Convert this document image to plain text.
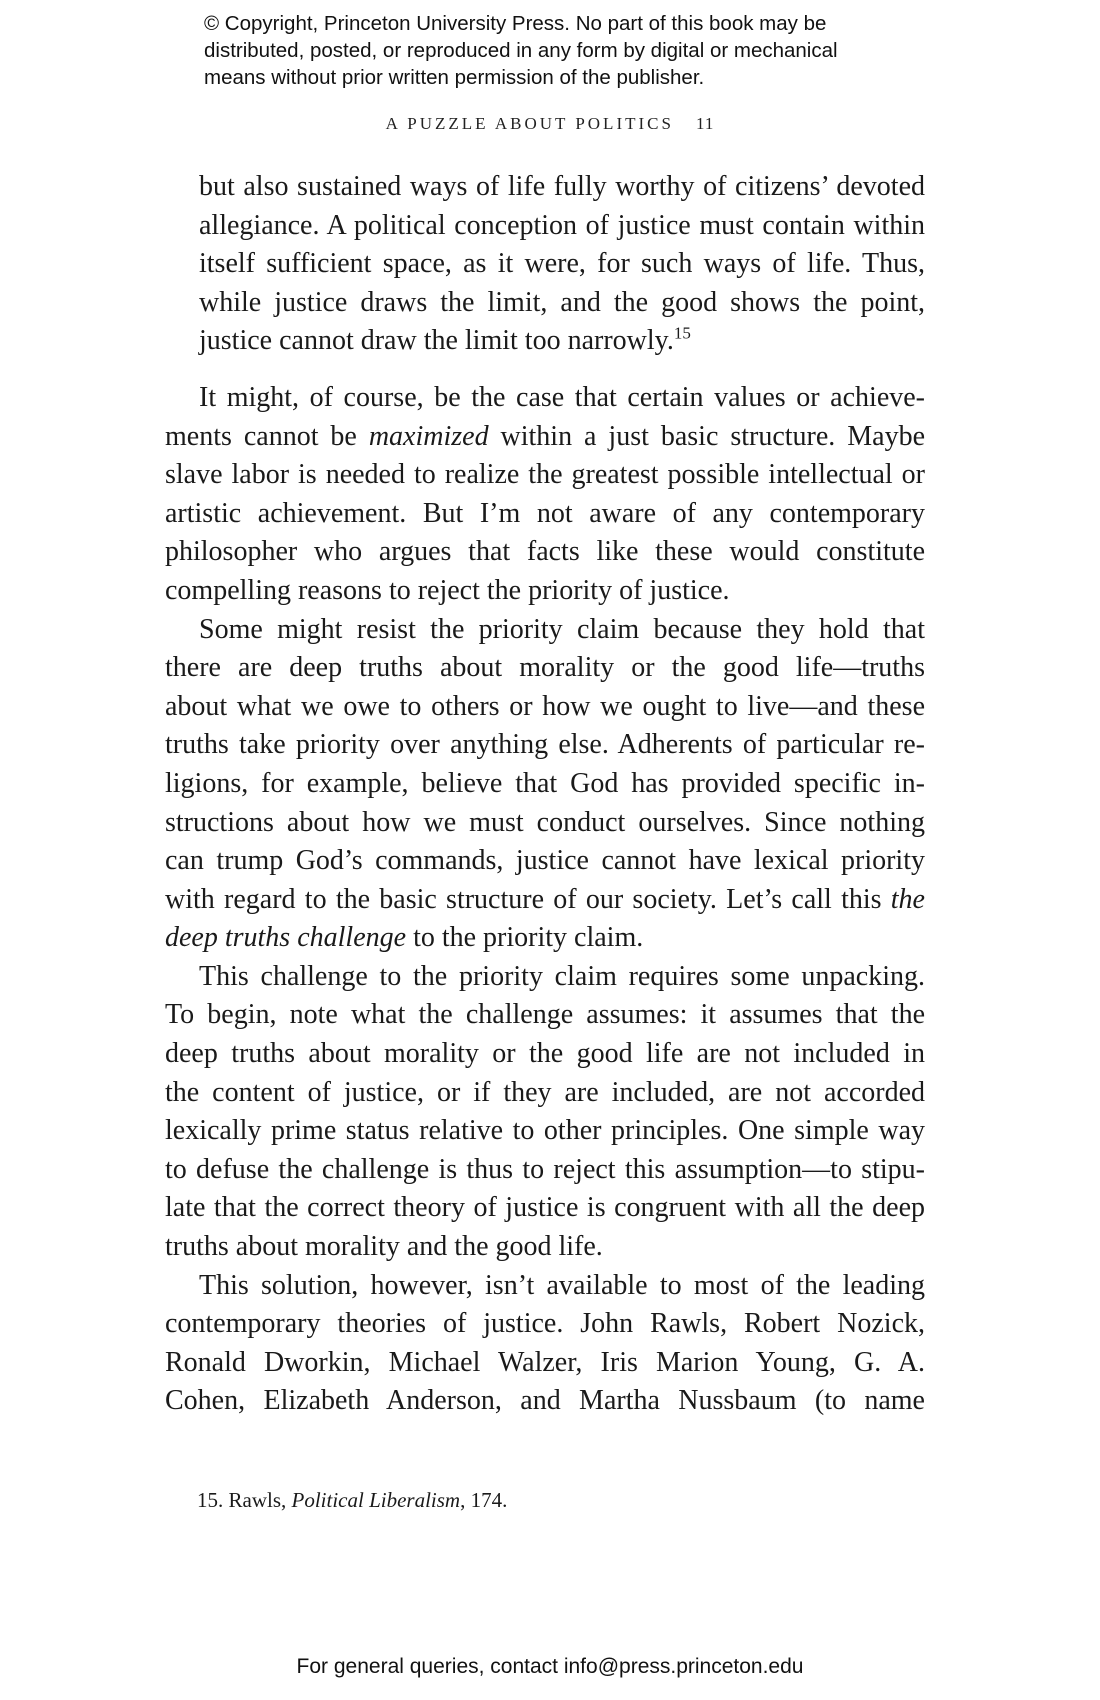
© Copyright, Princeton University Press. No part of this book may be
distributed, posted, or reproduced in any form by digital or mechanical
means without prior written permission of the publisher.
A PUZZLE ABOUT POLITICS 11
but also sustained ways of life fully worthy of citizens’ devoted
allegiance. A political conception of justice must contain within
itself sufficient space, as it were, for such ways of life. Thus,
while justice draws the limit, and the good shows the point,
justice cannot draw the limit too narrowly.$^{15}$
It might, of course, be the case that certain values or achieve-
ments cannot be maximized within a just basic structure. Maybe
slave labor is needed to realize the greatest possible intellectual or
artistic achievement. But I’m not aware of any contemporary
philosopher who argues that facts like these would constitute
compelling reasons to reject the priority of justice.
Some might resist the priority claim because they hold that
there are deep truths about morality or the good life—truths
about what we owe to others or how we ought to live—and these
truths take priority over anything else. Adherents of particular re-
ligions, for example, believe that God has provided specific in-
structions about how we must conduct ourselves. Since nothing
can trump God’s commands, justice cannot have lexical priority
with regard to the basic structure of our society. Let’s call this the
deep truths challenge to the priority claim.
This challenge to the priority claim requires some unpacking.
To begin, note what the challenge assumes: it assumes that the
deep truths about morality or the good life are not included in
the content of justice, or if they are included, are not accorded
lexically prime status relative to other principles. One simple way
to defuse the challenge is thus to reject this assumption—to stipu-
late that the correct theory of justice is congruent with all the deep
truths about morality and the good life.
This solution, however, isn’t available to most of the leading
contemporary theories of justice. John Rawls, Robert Nozick,
Ronald Dworkin, Michael Walzer, Iris Marion Young, G. A.
Cohen, Elizabeth Anderson, and Martha Nussbaum (to name
15. Rawls, Political Liberalism, 174.
For general queries, contact info@press.princeton.edu
